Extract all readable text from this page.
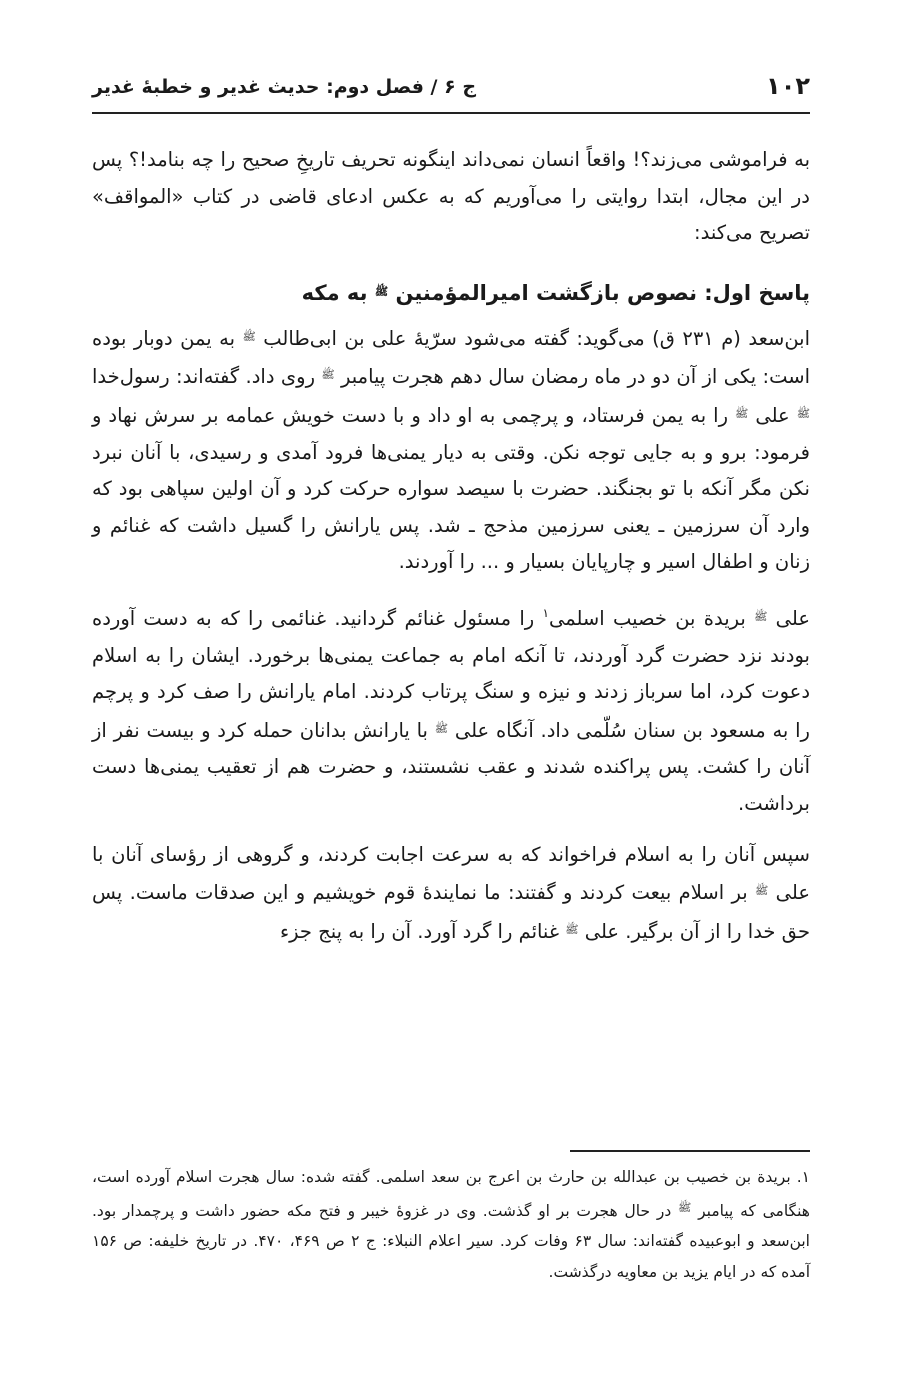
۱۰۲
ج ۶ / فصل دوم: حدیث غدیر و خطبهٔ غدیر

به فراموشی می‌زند؟! واقعاً انسان نمی‌داند اینگونه تحریف تاریخِ صحیح را چه بنامد!؟ پس در این مجال، ابتدا روایتی را می‌آوریم که به عکس ادعای قاضی در کتاب «المواقف» تصریح می‌کند:

پاسخ اول: نصوص بازگشت امیرالمؤمنین $^ﷺ$ به مکه

ابن‌سعد (م ۲۳۱ ق) می‌گوید: گفته می‌شود سرّیهٔ علی بن ابی‌طالب $^ﷺ$ به یمن دوبار بوده است: یکی از آن دو در ماه رمضان سال دهم هجرت پیامبر $^ﷺ$ روی داد. گفته‌اند: رسول‌خدا $^ﷺ$ علی $^ﷺ$ را به یمن فرستاد، و پرچمی به او داد و با دست خویش عمامه بر سرش نهاد و فرمود: برو و به جایی توجه نکن. وقتی به دیار یمنی‌ها فرود آمدی و رسیدی، با آنان نبرد نکن مگر آنکه با تو بجنگند. حضرت با سیصد سواره حرکت کرد و آن اولین سپاهی بود که وارد آن سرزمین ـ یعنی سرزمین مذحج ـ شد. پس یارانش را گسیل داشت که غنائم و زنان و اطفال اسیر و چارپایان بسیار و ... را آوردند.

علی $^ﷺ$ بریدة بن خصیب اسلمی$^۱$ را مسئول غنائم گردانید. غنائمی را که به دست آورده بودند نزد حضرت گرد آوردند، تا آنکه امام به جماعت یمنی‌ها برخورد. ایشان را به اسلام دعوت کرد، اما سرباز زدند و نیزه و سنگ پرتاب کردند. امام یارانش را صف کرد و پرچم را به مسعود بن سنان سُلّمی داد. آنگاه علی $^ﷺ$ با یارانش بدانان حمله کرد و بیست نفر از آنان را کشت. پس پراکنده شدند و عقب نشستند، و حضرت هم از تعقیب یمنی‌ها دست برداشت.

سپس آنان را به اسلام فراخواند که به سرعت اجابت کردند، و گروهی از رؤسای آنان با علی $^ﷺ$ بر اسلام بیعت کردند و گفتند: ما نمایندهٔ قوم خویشیم و این صدقات ماست. پس حق خدا را از آن برگیر. علی $^ﷺ$ غنائم را گرد آورد. آن را به پنج جزء

۱. بریدة بن خصیب بن عبدالله بن حارث بن اعرج بن سعد اسلمی. گفته شده: سال هجرت اسلام آورده است، هنگامی که پیامبر $^ﷺ$ در حال هجرت بر او گذشت. وی در غزوهٔ خیبر و فتح مکه حضور داشت و پرچمدار بود. ابن‌سعد و ابوعبیده گفته‌اند: سال ۶۳ وفات کرد. سیر اعلام النبلاء: ج ۲ ص ۴۶۹، ۴۷۰. در تاریخ خلیفه: ص ۱۵۶ آمده که در ایام یزید بن معاویه درگذشت.
